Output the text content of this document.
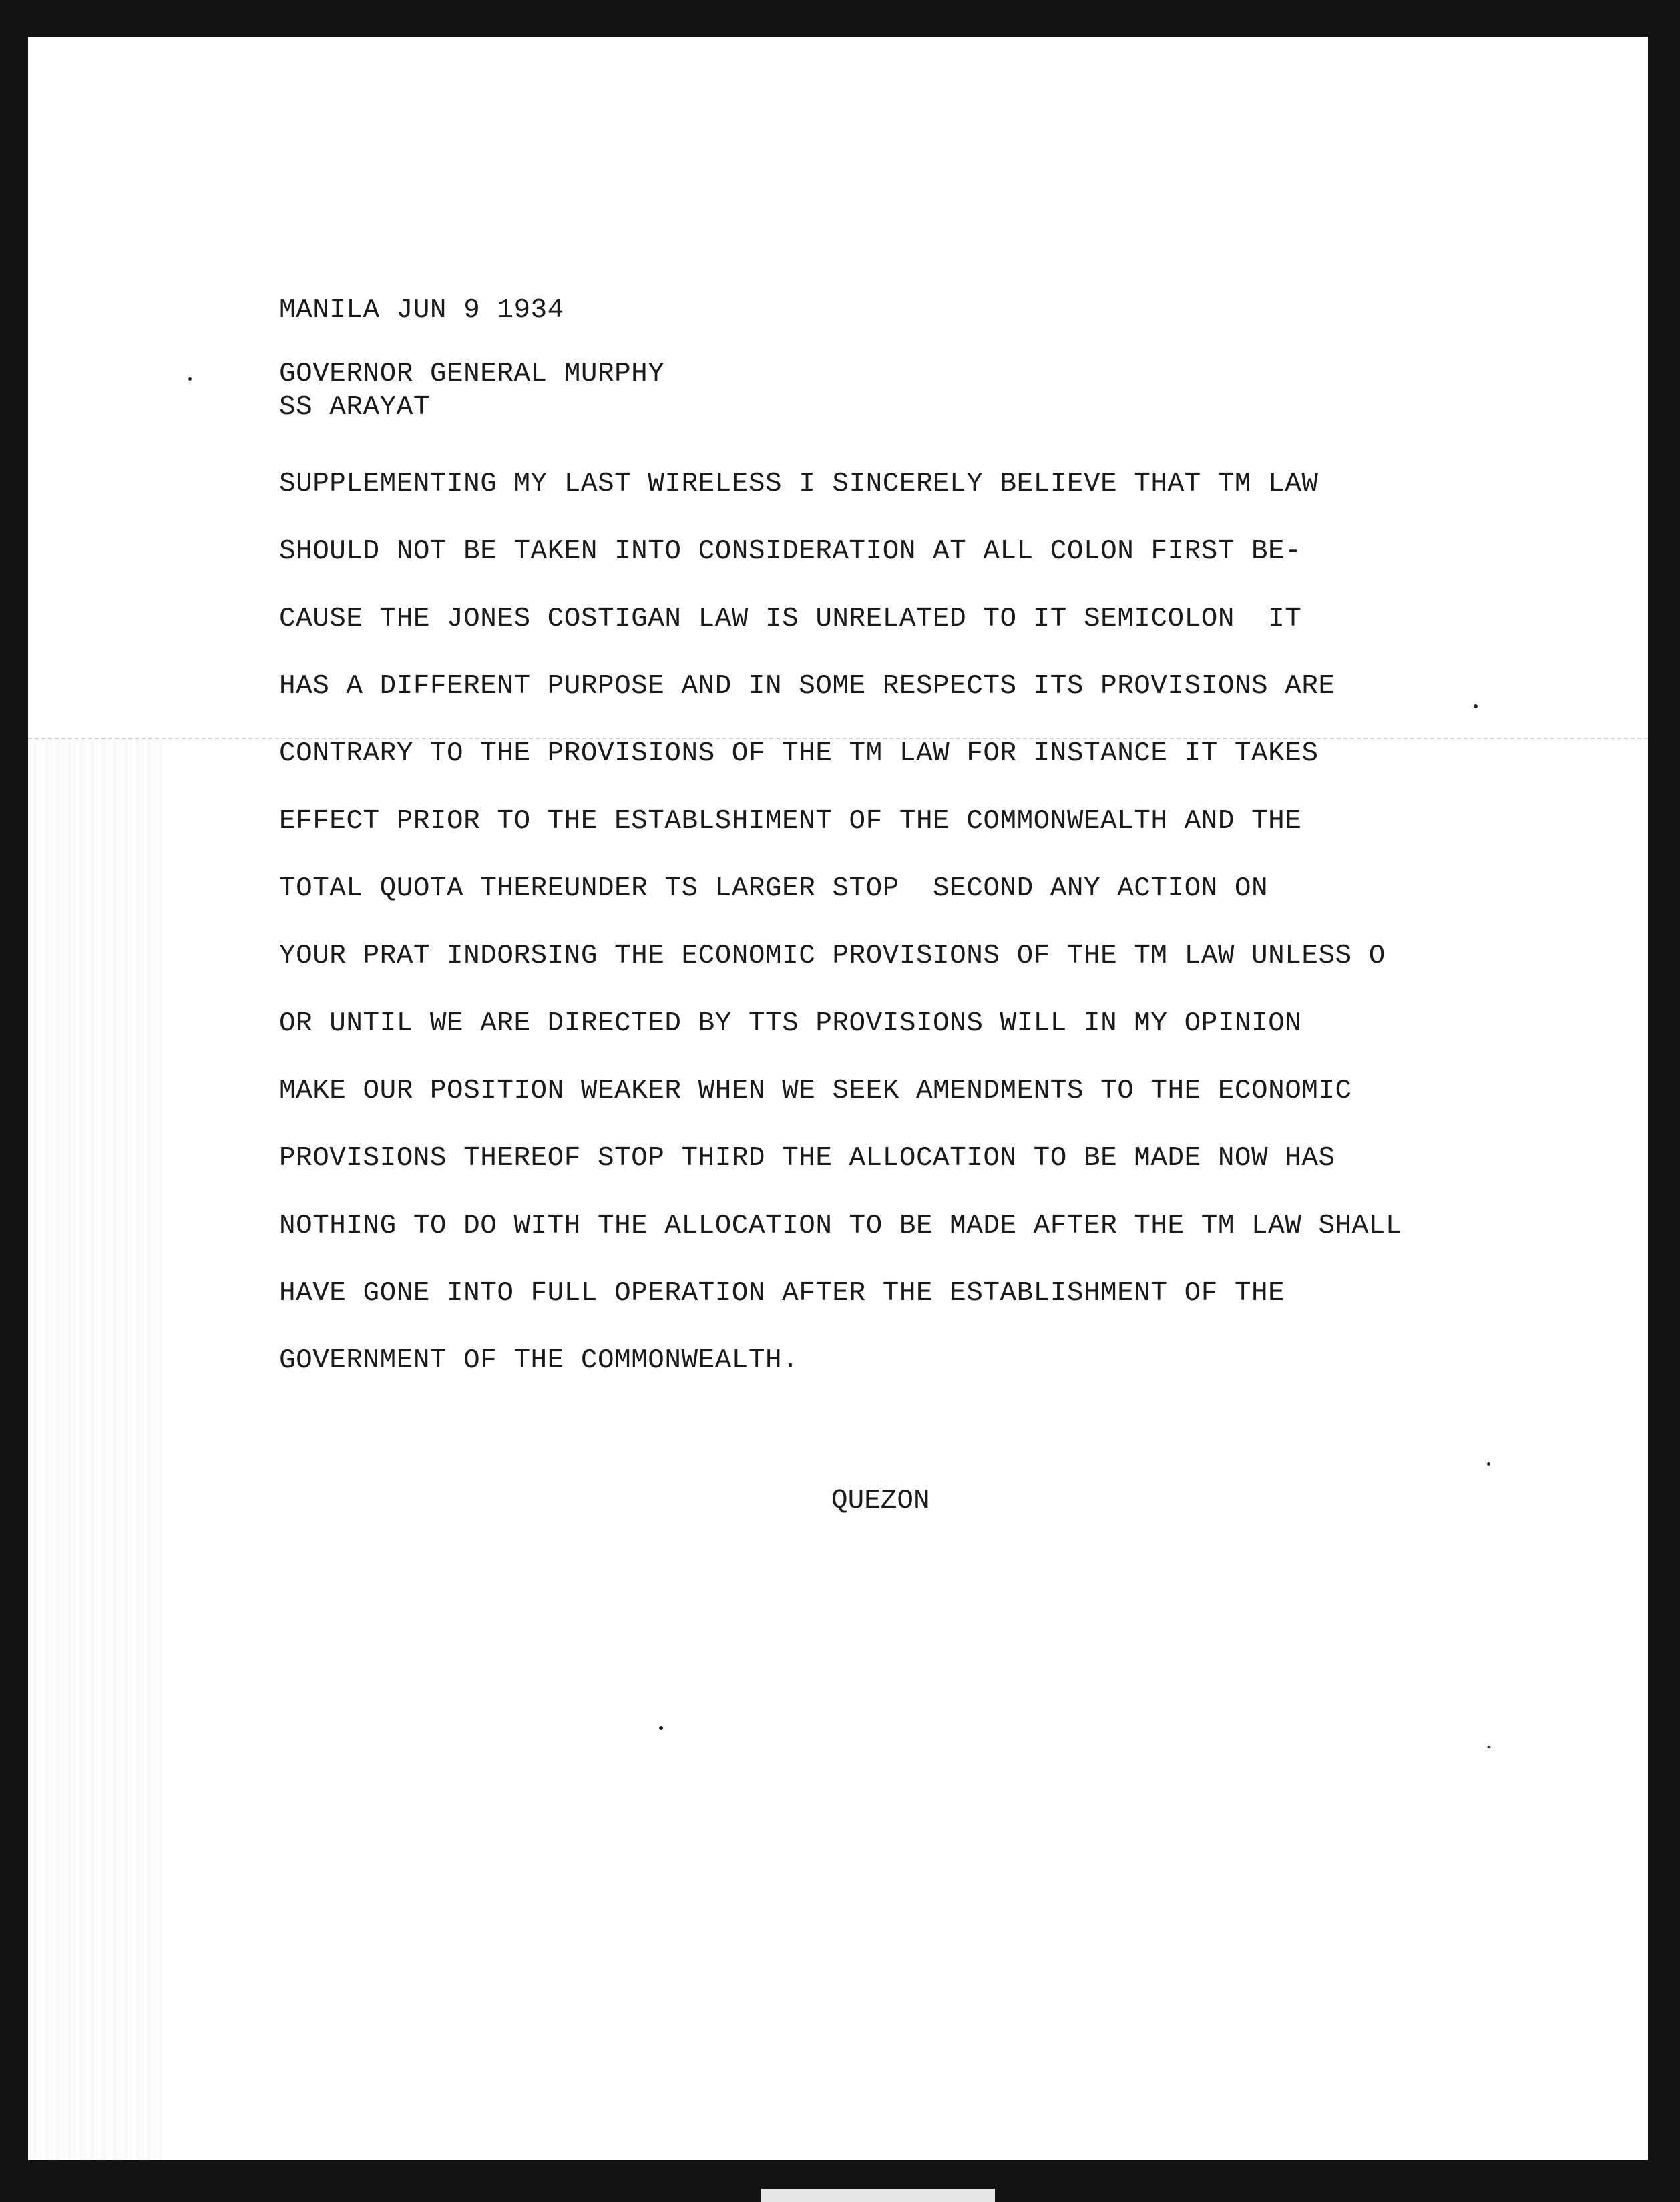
MANILA JUN 9 1934
GOVERNOR GENERAL MURPHY
SS ARAYAT
SUPPLEMENTING MY LAST WIRELESS I SINCERELY BELIEVE THAT TM LAW
SHOULD NOT BE TAKEN INTO CONSIDERATION AT ALL COLON FIRST BE-
CAUSE THE JONES COSTIGAN LAW IS UNRELATED TO IT SEMICOLON  IT
HAS A DIFFERENT PURPOSE AND IN SOME RESPECTS ITS PROVISIONS ARE
CONTRARY TO THE PROVISIONS OF THE TM LAW FOR INSTANCE IT TAKES
EFFECT PRIOR TO THE ESTABLSHIMENT OF THE COMMONWEALTH AND THE
TOTAL QUOTA THEREUNDER TS LARGER STOP  SECOND ANY ACTION ON
YOUR PRAT INDORSING THE ECONOMIC PROVISIONS OF THE TM LAW UNLESS O
OR UNTIL WE ARE DIRECTED BY TTS PROVISIONS WILL IN MY OPINION
MAKE OUR POSITION WEAKER WHEN WE SEEK AMENDMENTS TO THE ECONOMIC
PROVISIONS THEREOF STOP THIRD THE ALLOCATION TO BE MADE NOW HAS
NOTHING TO DO WITH THE ALLOCATION TO BE MADE AFTER THE TM LAW SHALL
HAVE GONE INTO FULL OPERATION AFTER THE ESTABLISHMENT OF THE
GOVERNMENT OF THE COMMONWEALTH.
QUEZON
